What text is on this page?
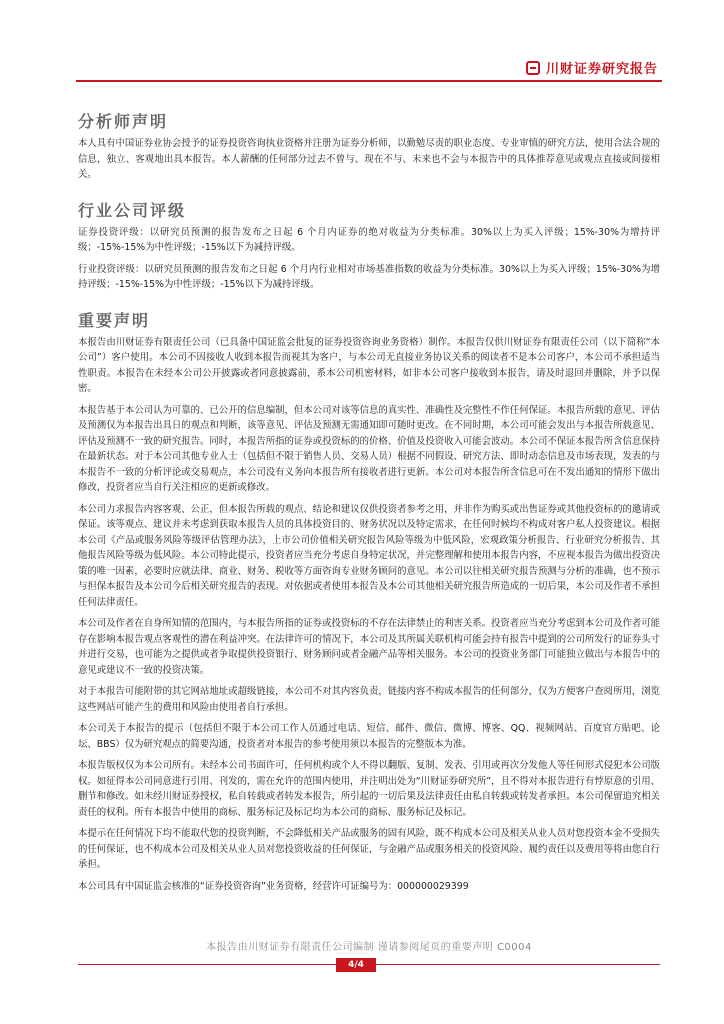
川财证券研究报告
分析师声明

本人具有中国证券业协会授予的证券投资咨询执业资格并注册为证券分析师，以勤勉尽责的职业态度、专业审慎的研究方法，使用合法合规的信息，独立、客观地出具本报告。本人薪酬的任何部分过去不曾与、现在不与、未来也不会与本报告中的具体推荐意见或观点直接或间接相关。

行业公司评级

证券投资评级：以研究员预测的报告发布之日起 6 个月内证券的绝对收益为分类标准。30%以上为买入评级；15%-30%为增持评级；-15%-15%为中性评级；-15%以下为减持评级。

行业投资评级：以研究员预测的报告发布之日起 6 个月内行业相对市场基准指数的收益为分类标准。30%以上为买入评级；15%-30%为增持评级；-15%-15%为中性评级；-15%以下为减持评级。

重要声明

本报告由川财证券有限责任公司（已具备中国证监会批复的证券投资咨询业务资格）制作。本报告仅供川财证券有限责任公司（以下简称“本公司”）客户使用。本公司不因接收人收到本报告而视其为客户，与本公司无直接业务协议关系的阅读者不是本公司客户，本公司不承担适当性职责。本报告在未经本公司公开披露或者同意披露前，系本公司机密材料，如非本公司客户接收到本报告，请及时退回并删除，并予以保密。

本报告基于本公司认为可靠的、已公开的信息编制，但本公司对该等信息的真实性、准确性及完整性不作任何保证。本报告所载的意见、评估及预测仅为本报告出具日的观点和判断，该等意见、评估及预测无需通知即可随时更改。在不同时期，本公司可能会发出与本报告所载意见、评估及预测不一致的研究报告。同时，本报告所指的证券或投资标的的价格、价值及投资收入可能会波动。本公司不保证本报告所含信息保持在最新状态。对于本公司其他专业人士（包括但不限于销售人员、交易人员）根据不同假设、研究方法、即时动态信息及市场表现，发表的与本报告不一致的分析评论或交易观点，本公司没有义务向本报告所有接收者进行更新。本公司对本报告所含信息可在不发出通知的情形下做出修改，投资者应当自行关注相应的更新或修改。

本公司力求报告内容客观、公正，但本报告所载的观点、结论和建议仅供投资者参考之用，并非作为购买或出售证券或其他投资标的的邀请或保证。该等观点、建议并未考虑到获取本报告人员的具体投资目的、财务状况以及特定需求，在任何时候均不构成对客户私人投资建议。根据本公司《产品或服务风险等级评估管理办法》，上市公司价值相关研究报告风险等级为中低风险，宏观政策分析报告、行业研究分析报告、其他报告风险等级为低风险。本公司特此提示，投资者应当充分考虑自身特定状况，并完整理解和使用本报告内容，不应视本报告为做出投资决策的唯一因素，必要时应就法律、商业、财务、税收等方面咨询专业财务顾问的意见。本公司以往相关研究报告预测与分析的准确，也不预示与担保本报告及本公司今后相关研究报告的表现。对依据或者使用本报告及本公司其他相关研究报告所造成的一切后果，本公司及作者不承担任何法律责任。

本公司及作者在自身所知情的范围内，与本报告所指的证券或投资标的不存在法律禁止的利害关系。投资者应当充分考虑到本公司及作者可能存在影响本报告观点客观性的潜在利益冲突。在法律许可的情况下，本公司及其所属关联机构可能会持有报告中提到的公司所发行的证券头寸并进行交易，也可能为之提供或者争取提供投资银行、财务顾问或者金融产品等相关服务。本公司的投资业务部门可能独立做出与本报告中的意见或建议不一致的投资决策。

对于本报告可能附带的其它网站地址或超级链接，本公司不对其内容负责，链接内容不构成本报告的任何部分，仅为方便客户查阅所用，浏览这些网站可能产生的费用和风险由使用者自行承担。

本公司关于本报告的提示（包括但不限于本公司工作人员通过电话、短信、邮件、微信、微博、博客、QQ、视频网站、百度官方贴吧、论坛、BBS）仅为研究观点的简要沟通，投资者对本报告的参考使用须以本报告的完整版本为准。

本报告版权仅为本公司所有。未经本公司书面许可，任何机构或个人不得以翻版、复制、发表、引用或再次分发他人等任何形式侵犯本公司版权。如征得本公司同意进行引用、刊发的，需在允许的范围内使用，并注明出处为“川财证券研究所”，且不得对本报告进行有悖原意的引用、删节和修改。如未经川财证券授权，私自转载或者转发本报告，所引起的一切后果及法律责任由私自转载或转发者承担。本公司保留追究相关责任的权利。所有本报告中使用的商标、服务标记及标记均为本公司的商标、服务标记及标记。

本提示在任何情况下均不能取代您的投资判断，不会降低相关产品或服务的固有风险，既不构成本公司及相关从业人员对您投资本金不受损失的任何保证，也不构成本公司及相关从业人员对您投资收益的任何保证，与金融产品或服务相关的投资风险、履约责任以及费用等将由您自行承担。

本公司具有中国证监会核准的“证券投资咨询”业务资格，经营许可证编号为：000000029399

本报告由川财证券有限责任公司编制 谨请参阅尾页的重要声明 C0004
4/4
